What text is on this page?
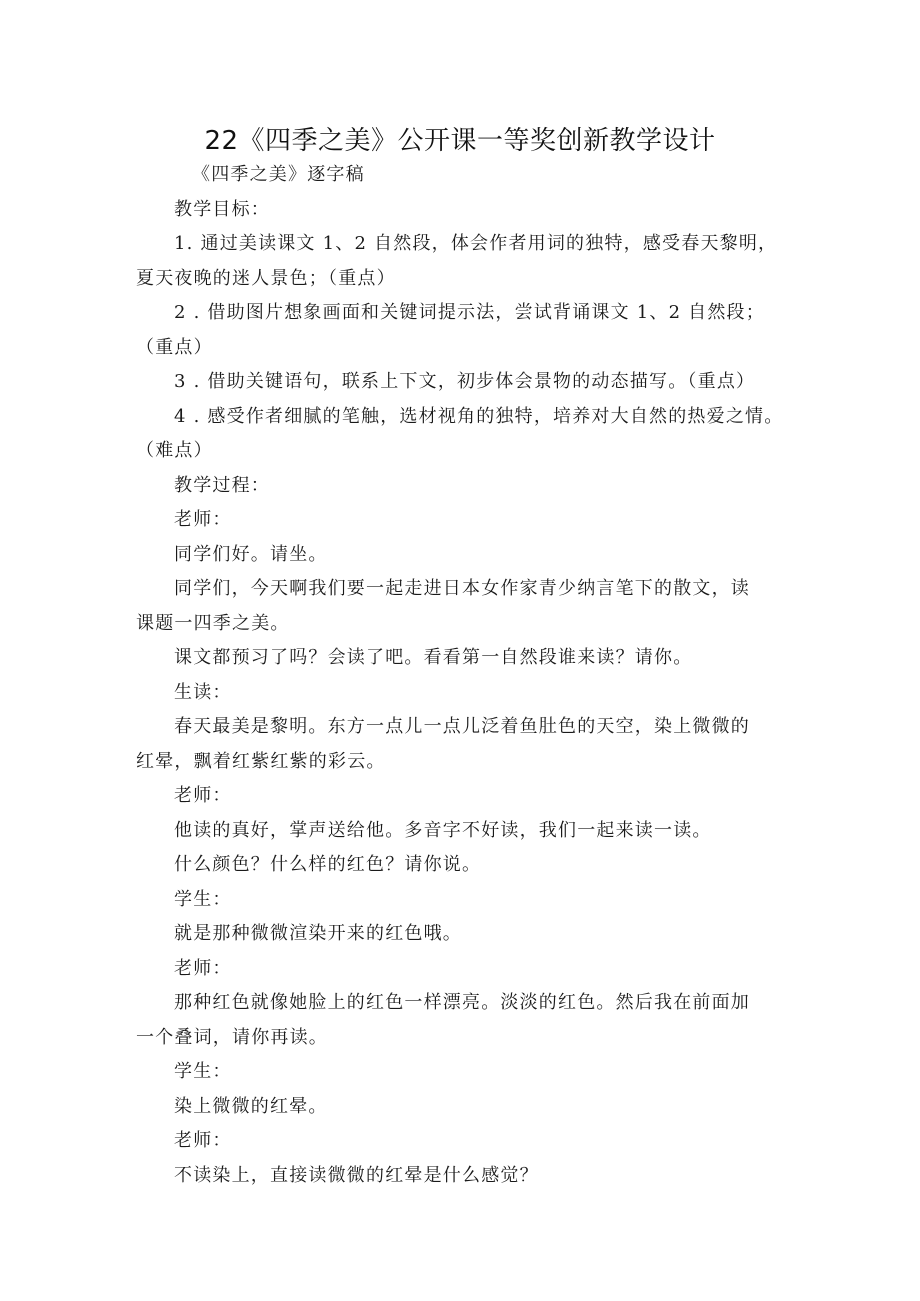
22《四季之美》公开课一等奖创新教学设计

《四季之美》逐字稿

教学目标：

1. 通过美读课文 1、2 自然段，体会作者用词的独特，感受春天黎明，

夏天夜晚的迷人景色；（重点）

2 . 借助图片想象画面和关键词提示法，尝试背诵课文 1、2 自然段；

（重点）

3 . 借助关键语句，联系上下文，初步体会景物的动态描写。（重点）

4 . 感受作者细腻的笔触，选材视角的独特，培养对大自然的热爱之情。

（难点）

教学过程：

老师：

同学们好。请坐。

同学们，今天啊我们要一起走进日本女作家青少纳言笔下的散文，读

课题一四季之美。

课文都预习了吗？会读了吧。看看第一自然段谁来读？请你。

生读：

春天最美是黎明。东方一点儿一点儿泛着鱼肚色的天空，染上微微的

红晕，飘着红紫红紫的彩云。

老师：

他读的真好，掌声送给他。多音字不好读，我们一起来读一读。

什么颜色？什么样的红色？请你说。

学生：

就是那种微微渲染开来的红色哦。

老师：

那种红色就像她脸上的红色一样漂亮。淡淡的红色。然后我在前面加

一个叠词，请你再读。

学生：

染上微微的红晕。

老师：

不读染上，直接读微微的红晕是什么感觉？
